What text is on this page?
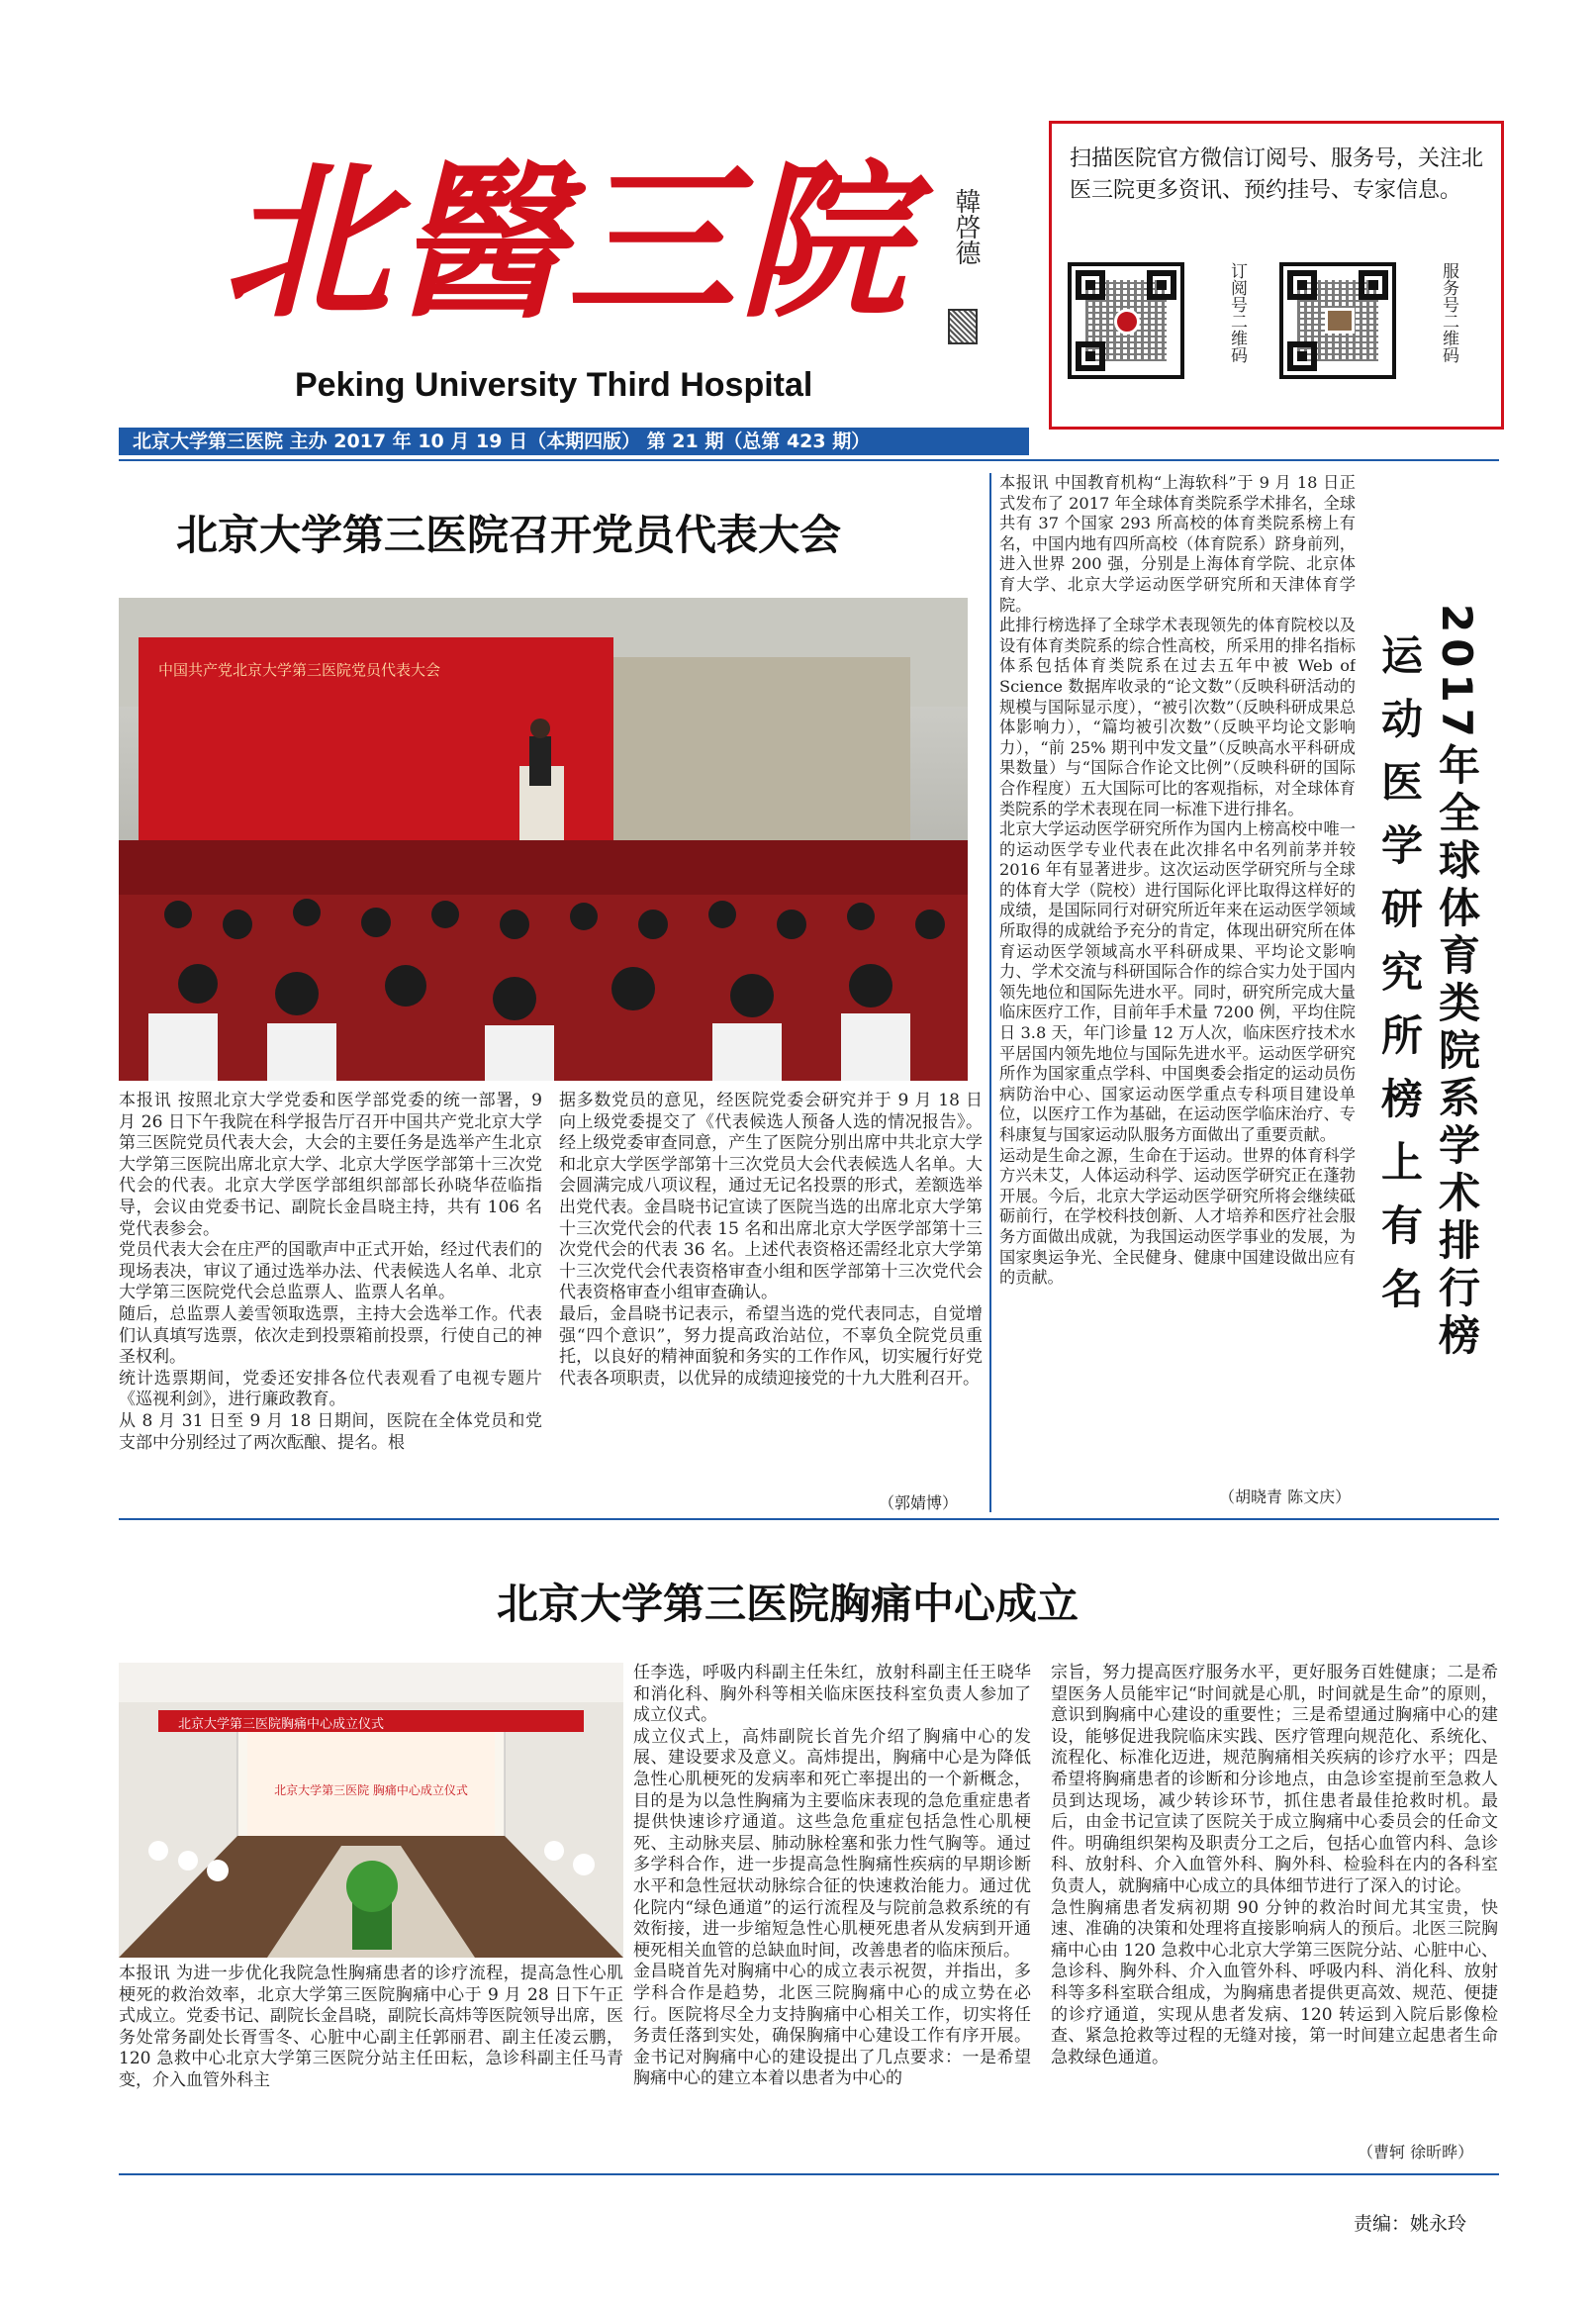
北醫三院	韓啓德
Peking University Third Hospital
扫描医院官方微信订阅号、服务号，关注北医三院更多资讯、预约挂号、专家信息。
订阅号二维码	服务号二维码
北京大学第三医院 主办 2017 年 10 月 19 日（本期四版） 第 21 期（总第 423 期）
北京大学第三医院召开党员代表大会
中国共产党北京大学第三医院党员代表大会
本报讯 按照北京大学党委和医学部党委的统一部署，9 月 26 日下午我院在科学报告厅召开中国共产党北京大学第三医院党员代表大会，大会的主要任务是选举产生北京大学第三医院出席北京大学、北京大学医学部第十三次党代会的代表。北京大学医学部组织部部长孙晓华莅临指导，会议由党委书记、副院长金昌晓主持，共有 106 名党代表参会。
党员代表大会在庄严的国歌声中正式开始，经过代表们的现场表决，审议了通过选举办法、代表候选人名单、北京大学第三医院党代会总监票人、监票人名单。
随后，总监票人姜雪领取选票，主持大会选举工作。代表们认真填写选票，依次走到投票箱前投票，行使自己的神圣权利。
统计选票期间，党委还安排各位代表观看了电视专题片《巡视利剑》，进行廉政教育。
从 8 月 31 日至 9 月 18 日期间，医院在全体党员和党支部中分别经过了两次酝酿、提名。根
据多数党员的意见，经医院党委会研究并于 9 月 18 日向上级党委提交了《代表候选人预备人选的情况报告》。经上级党委审查同意，产生了医院分别出席中共北京大学和北京大学医学部第十三次党员大会代表候选人名单。大会圆满完成八项议程，通过无记名投票的形式，差额选举出党代表。金昌晓书记宣读了医院当选的出席北京大学第十三次党代会的代表 15 名和出席北京大学医学部第十三次党代会的代表 36 名。上述代表资格还需经北京大学第十三次党代会代表资格审查小组和医学部第十三次党代会代表资格审查小组审查确认。
最后，金昌晓书记表示，希望当选的党代表同志，自觉增强“四个意识”，努力提高政治站位，不辜负全院党员重托，以良好的精神面貌和务实的工作作风，切实履行好党代表各项职责，以优异的成绩迎接党的十九大胜利召开。
（郭婧博）
本报讯 中国教育机构“上海软科”于 9 月 18 日正式发布了 2017 年全球体育类院系学术排名，全球共有 37 个国家 293 所高校的体育类院系榜上有名，中国内地有四所高校（体育院系）跻身前列，进入世界 200 强，分别是上海体育学院、北京体育大学、北京大学运动医学研究所和天津体育学院。
此排行榜选择了全球学术表现领先的体育院校以及设有体育类院系的综合性高校，所采用的排名指标体系包括体育类院系在过去五年中被 Web of Science 数据库收录的“论文数”（反映科研活动的规模与国际显示度），“被引次数”（反映科研成果总体影响力），“篇均被引次数”（反映平均论文影响力），“前 25% 期刊中发文量”（反映高水平科研成果数量）与“国际合作论文比例”（反映科研的国际合作程度）五大国际可比的客观指标，对全球体育类院系的学术表现在同一标准下进行排名。
北京大学运动医学研究所作为国内上榜高校中唯一的运动医学专业代表在此次排名中名列前茅并较 2016 年有显著进步。这次运动医学研究所与全球的体育大学（院校）进行国际化评比取得这样好的成绩，是国际同行对研究所近年来在运动医学领域所取得的成就给予充分的肯定，体现出研究所在体育运动医学领域高水平科研成果、平均论文影响力、学术交流与科研国际合作的综合实力处于国内领先地位和国际先进水平。同时，研究所完成大量临床医疗工作，目前年手术量 7200 例，平均住院日 3.8 天，年门诊量 12 万人次，临床医疗技术水平居国内领先地位与国际先进水平。运动医学研究所作为国家重点学科、中国奥委会指定的运动员伤病防治中心、国家运动医学重点专科项目建设单位，以医疗工作为基础，在运动医学临床治疗、专科康复与国家运动队服务方面做出了重要贡献。
运动是生命之源，生命在于运动。世界的体育科学方兴未艾，人体运动科学、运动医学研究正在蓬勃开展。今后，北京大学运动医学研究所将会继续砥砺前行，在学校科技创新、人才培养和医疗社会服务方面做出成就，为我国运动医学事业的发展，为国家奥运争光、全民健身、健康中国建设做出应有的贡献。	2017年全球体育类院系学术排行榜
运动医学研究所榜上有名
（胡晓青 陈文庆）
北京大学第三医院胸痛中心成立
北京大学第三医院胸痛中心成立仪式
北京大学第三医院 胸痛中心成立仪式
本报讯 为进一步优化我院急性胸痛患者的诊疗流程，提高急性心肌梗死的救治效率，北京大学第三医院胸痛中心于 9 月 28 日下午正式成立。党委书记、副院长金昌晓，副院长高炜等医院领导出席，医务处常务副处长胥雪冬、心脏中心副主任郭丽君、副主任凌云鹏，120 急救中心北京大学第三医院分站主任田耘，急诊科副主任马青变，介入血管外科主
任李选，呼吸内科副主任朱红，放射科副主任王晓华和消化科、胸外科等相关临床医技科室负责人参加了成立仪式。
成立仪式上，高炜副院长首先介绍了胸痛中心的发展、建设要求及意义。高炜提出，胸痛中心是为降低急性心肌梗死的发病率和死亡率提出的一个新概念，目的是为以急性胸痛为主要临床表现的急危重症患者提供快速诊疗通道。这些急危重症包括急性心肌梗死、主动脉夹层、肺动脉栓塞和张力性气胸等。通过多学科合作，进一步提高急性胸痛性疾病的早期诊断水平和急性冠状动脉综合征的快速救治能力。通过优化院内“绿色通道”的运行流程及与院前急救系统的有效衔接，进一步缩短急性心肌梗死患者从发病到开通梗死相关血管的总缺血时间，改善患者的临床预后。
金昌晓首先对胸痛中心的成立表示祝贺，并指出，多学科合作是趋势，北医三院胸痛中心的成立势在必行。医院将尽全力支持胸痛中心相关工作，切实将任务责任落到实处，确保胸痛中心建设工作有序开展。金书记对胸痛中心的建设提出了几点要求：一是希望胸痛中心的建立本着以患者为中心的
宗旨，努力提高医疗服务水平，更好服务百姓健康；二是希望医务人员能牢记“时间就是心肌，时间就是生命”的原则，意识到胸痛中心建设的重要性；三是希望通过胸痛中心的建设，能够促进我院临床实践、医疗管理向规范化、系统化、流程化、标准化迈进，规范胸痛相关疾病的诊疗水平；四是希望将胸痛患者的诊断和分诊地点，由急诊室提前至急救人员到达现场，减少转诊环节，抓住患者最佳抢救时机。最后，由金书记宣读了医院关于成立胸痛中心委员会的任命文件。明确组织架构及职责分工之后，包括心血管内科、急诊科、放射科、介入血管外科、胸外科、检验科在内的各科室负责人，就胸痛中心成立的具体细节进行了深入的讨论。
急性胸痛患者发病初期 90 分钟的救治时间尤其宝贵，快速、准确的决策和处理将直接影响病人的预后。北医三院胸痛中心由 120 急救中心北京大学第三医院分站、心脏中心、急诊科、胸外科、介入血管外科、呼吸内科、消化科、放射科等多科室联合组成，为胸痛患者提供更高效、规范、便捷的诊疗通道，实现从患者发病、120 转运到入院后影像检查、紧急抢救等过程的无缝对接，第一时间建立起患者生命急救绿色通道。
（曹轲 徐昕晔）
责编：姚永玲
